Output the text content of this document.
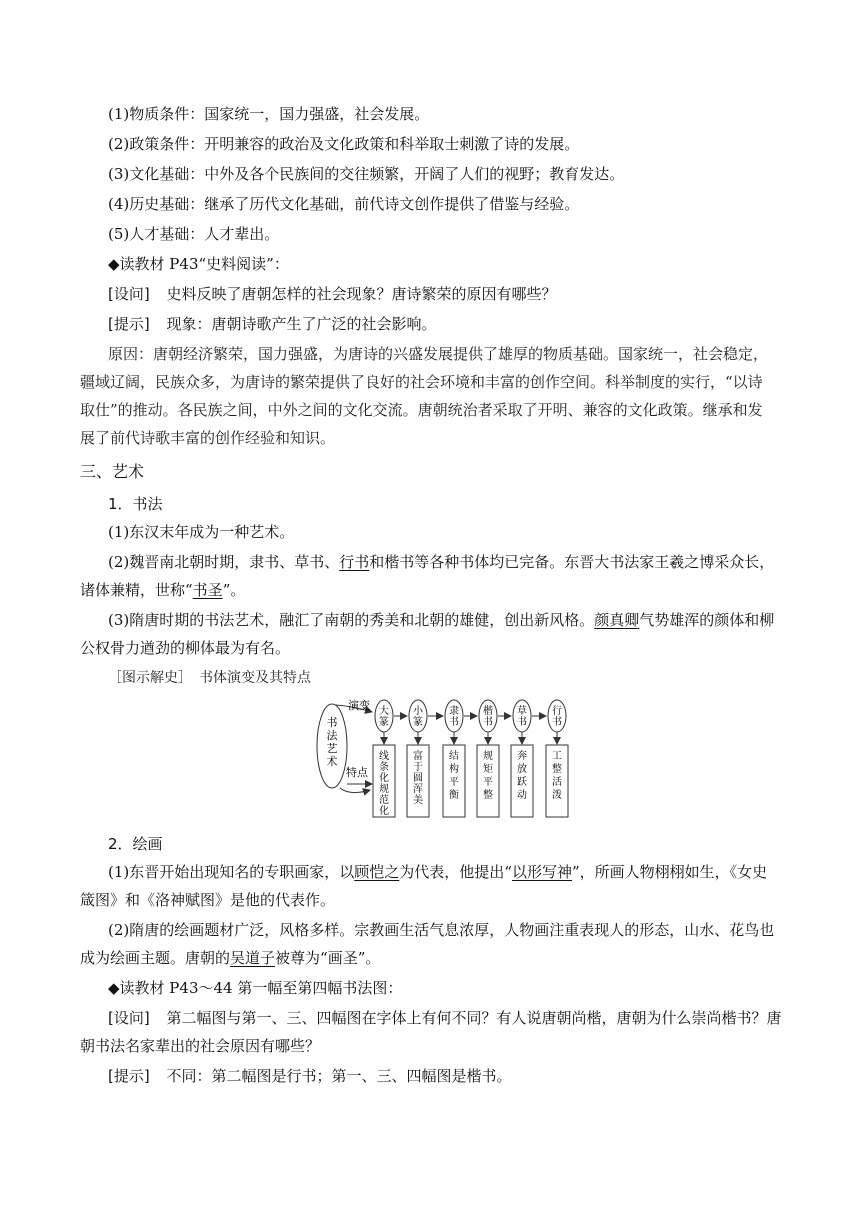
(1)物质条件：国家统一，国力强盛，社会发展。
(2)政策条件：开明兼容的政治及文化政策和科举取士刺激了诗的发展。
(3)文化基础：中外及各个民族间的交往频繁，开阔了人们的视野；教育发达。
(4)历史基础：继承了历代文化基础，前代诗文创作提供了借鉴与经验。
(5)人才基础：人才辈出。
◆读教材 P43“史料阅读”：
[设问] 史料反映了唐朝怎样的社会现象？唐诗繁荣的原因有哪些？
[提示] 现象：唐朝诗歌产生了广泛的社会影响。
原因：唐朝经济繁荣，国力强盛，为唐诗的兴盛发展提供了雄厚的物质基础。国家统一，社会稳定，
疆域辽阔，民族众多，为唐诗的繁荣提供了良好的社会环境和丰富的创作空间。科举制度的实行，“以诗
取仕”的推动。各民族之间，中外之间的文化交流。唐朝统治者采取了开明、兼容的文化政策。继承和发
展了前代诗歌丰富的创作经验和知识。
三、艺术
1．书法
(1)东汉末年成为一种艺术。
(2)魏晋南北朝时期，隶书、草书、行书和楷书等各种书体均已完备。东晋大书法家王羲之博采众长，
诸体兼精，世称“书圣”。
(3)隋唐时期的书法艺术，融汇了南朝的秀美和北朝的雄健，创出新风格。颜真卿气势雄浑的颜体和柳
公权骨力遒劲的柳体最为有名。
［图示解史］　书体演变及其特点
书法艺术
演变
特点
大篆
线条化规范化
小篆
富于圆浑美
隶书
结构平衡
楷书
规矩平整
草书
奔放跃动
行书
工整活泼
2．绘画
(1)东晋开始出现知名的专职画家，以顾恺之为代表，他提出“以形写神”，所画人物栩栩如生，《女史
箴图》和《洛神赋图》是他的代表作。
(2)隋唐的绘画题材广泛，风格多样。宗教画生活气息浓厚，人物画注重表现人的形态，山水、花鸟也
成为绘画主题。唐朝的吴道子被尊为“画圣”。
◆读教材 P43～44 第一幅至第四幅书法图：
[设问] 第二幅图与第一、三、四幅图在字体上有何不同？有人说唐朝尚楷，唐朝为什么崇尚楷书？唐
朝书法名家辈出的社会原因有哪些？
[提示] 不同：第二幅图是行书；第一、三、四幅图是楷书。
